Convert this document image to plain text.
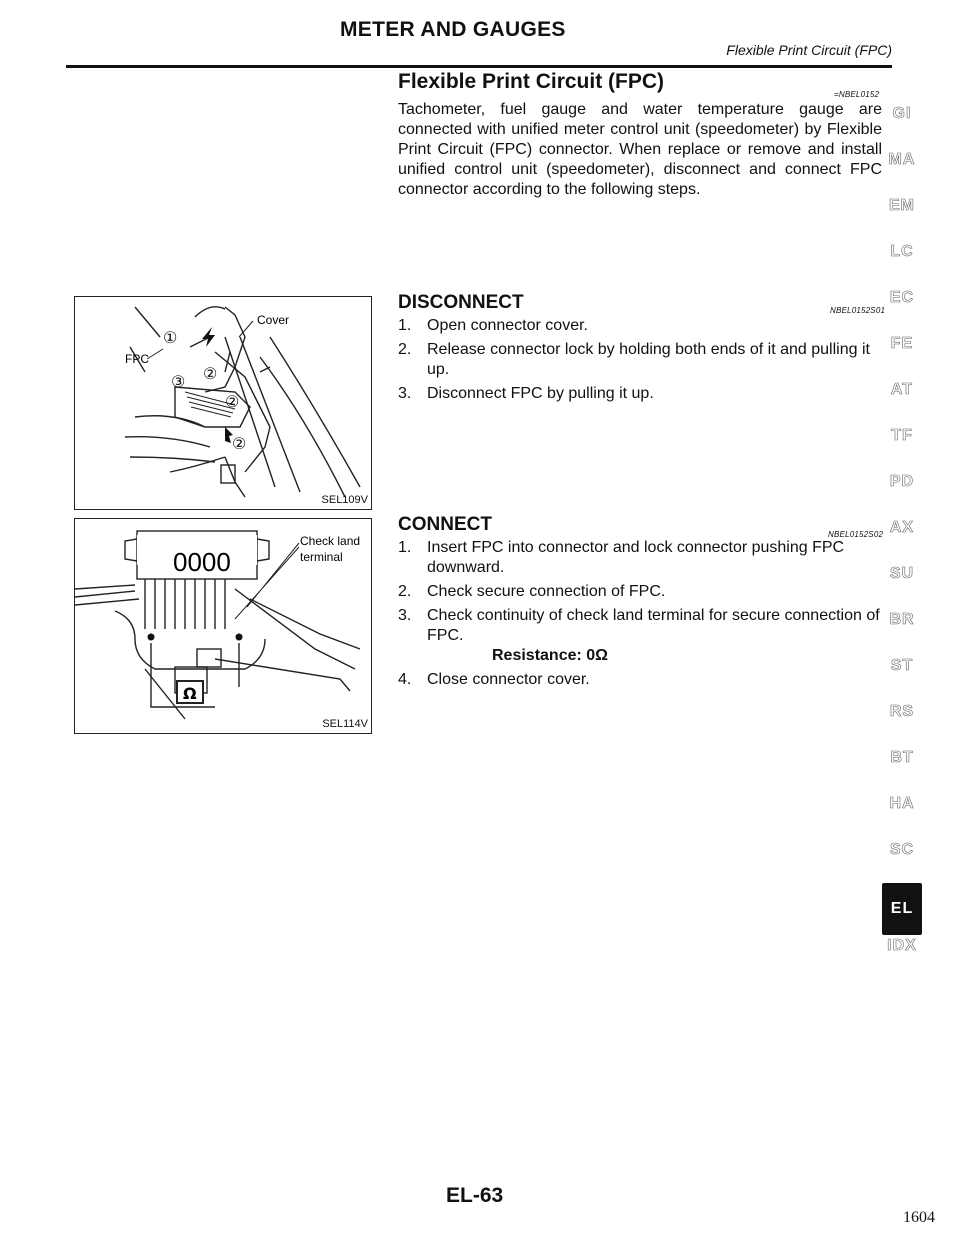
METER AND GAUGES
Flexible Print Circuit (FPC)
Flexible Print Circuit (FPC)
=NBEL0152
Tachometer, fuel gauge and water temperature gauge are connected with unified meter control unit (speedometer) by Flexible Print Circuit (FPC) connector. When replace or remove and install unified control unit (speedometer), disconnect and connect FPC connector according to the following steps.
DISCONNECT	NBEL0152S01
1. Open connector cover.
2. Release connector lock by holding both ends of it and pulling it up.
3. Disconnect FPC by pulling it up.
CONNECT	NBEL0152S02
1. Insert FPC into connector and lock connector pushing FPC downward.
2. Check secure connection of FPC.
3. Check continuity of check land terminal for secure connection of FPC.
Resistance: 0Ω
4. Close connector cover.
①
②
③
②
②
Cover
FPC
SEL109V
0000
Ω
Check land
terminal
SEL114V
GI
MA
EM
LC
EC
FE
AT
TF
PD
AX
SU
BR
ST
RS
BT
HA
SC
EL
IDX
EL-63
1604
